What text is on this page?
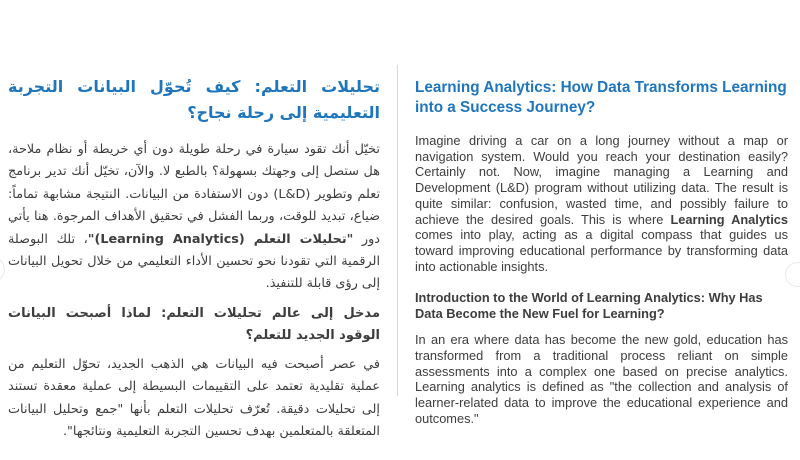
تحليلات التعلم: كيف تُحوّل البيانات التجربة التعليمية إلى رحلة نجاح؟

تخيّل أنك تقود سيارة في رحلة طويلة دون أي خريطة أو نظام ملاحة، هل ستصل إلى وجهتك بسهولة؟ بالطبع لا. والآن، تخيّل أنك تدير برنامج تعلم وتطوير (L&D) دون الاستفادة من البيانات. النتيجة مشابهة تماماً: ضياع، تبديد للوقت، وربما الفشل في تحقيق الأهداف المرجوة. هنا يأتي دور "تحليلات التعلم (Learning Analytics)"، تلك البوصلة الرقمية التي تقودنا نحو تحسين الأداء التعليمي من خلال تحويل البيانات إلى رؤى قابلة للتنفيذ.

مدخل إلى عالم تحليلات التعلم: لماذا أصبحت البيانات الوقود الجديد للتعلم؟

في عصر أصبحت فيه البيانات هي الذهب الجديد، تحوّل التعليم من عملية تقليدية تعتمد على التقييمات البسيطة إلى عملية معقدة تستند إلى تحليلات دقيقة. تُعرّف تحليلات التعلم بأنها "جمع وتحليل البيانات المتعلقة بالمتعلمين بهدف تحسين التجربة التعليمية ونتائجها".

Learning Analytics: How Data Transforms Learning into a Success Journey?

Imagine driving a car on a long journey without a map or navigation system. Would you reach your destination easily? Certainly not. Now, imagine managing a Learning and Development (L&D) program without utilizing data. The result is quite similar: confusion, wasted time, and possibly failure to achieve the desired goals. This is where Learning Analytics comes into play, acting as a digital compass that guides us toward improving educational performance by transforming data into actionable insights.

Introduction to the World of Learning Analytics: Why Has Data Become the New Fuel for Learning?

In an era where data has become the new gold, education has transformed from a traditional process reliant on simple assessments into a complex one based on precise analytics. Learning analytics is defined as "the collection and analysis of learner-related data to improve the educational experience and outcomes."
